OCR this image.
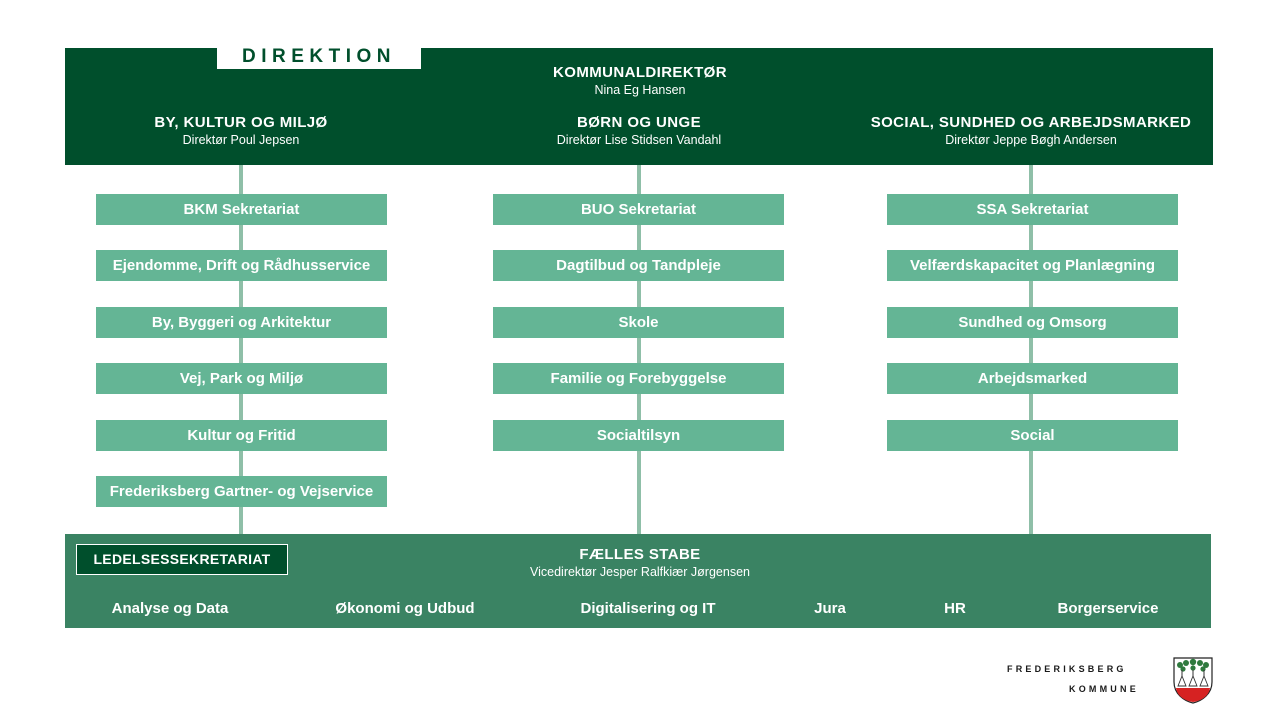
DIREKTION
KOMMUNALDIREKTØR
Nina Eg Hansen
BY, KULTUR OG MILJØ
Direktør Poul Jepsen
BØRN OG UNGE
Direktør Lise Stidsen Vandahl
SOCIAL, SUNDHED OG ARBEJDSMARKED
Direktør Jeppe Bøgh Andersen
BKM Sekretariat
Ejendomme, Drift og Rådhusservice
By, Byggeri og Arkitektur
Vej, Park og Miljø
Kultur og Fritid
Frederiksberg Gartner- og Vejservice
BUO Sekretariat
Dagtilbud og Tandpleje
Skole
Familie og Forebyggelse
Socialtilsyn
SSA Sekretariat
Velfærdskapacitet og Planlægning
Sundhed og Omsorg
Arbejdsmarked
Social
LEDELSESSEKRETARIAT	FÆLLES STABE
Vicedirektør Jesper Ralfkiær Jørgensen
Analyse og Data	Økonomi og Udbud	Digitalisering og IT	Jura	HR	Borgerservice
FREDERIKSBERG
KOMMUNE
